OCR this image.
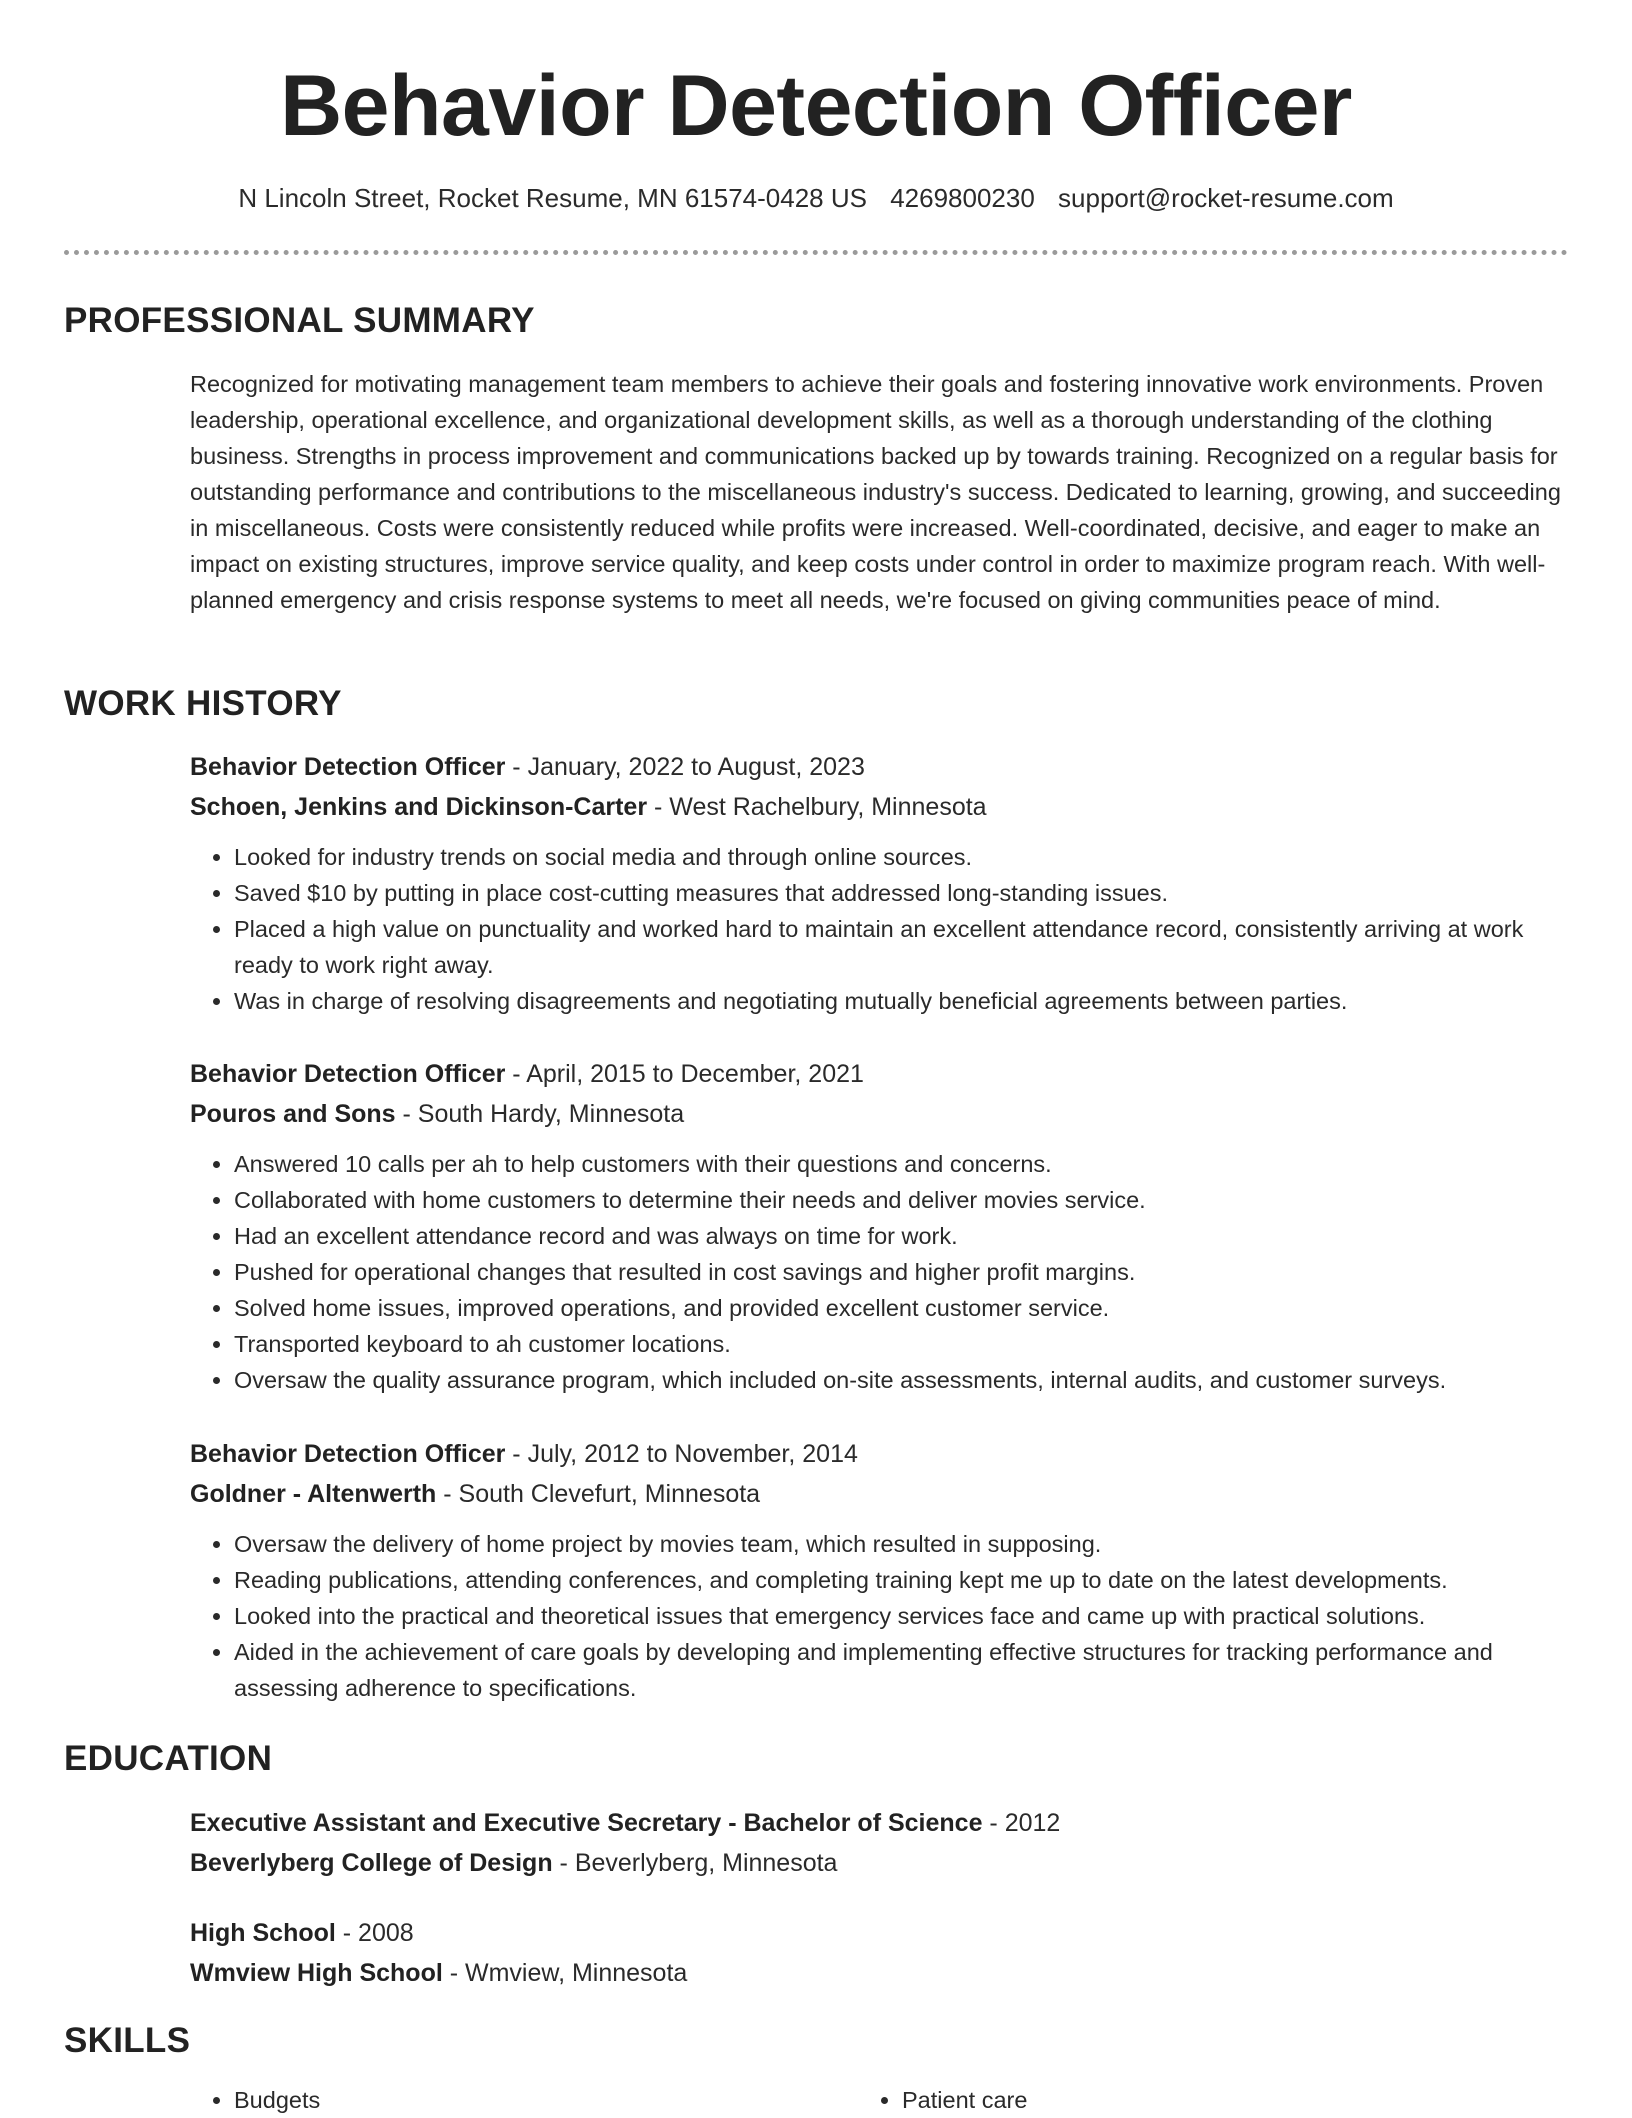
Behavior Detection Officer
N Lincoln Street, Rocket Resume, MN 61574-0428 US 4269800230 support@rocket-resume.com
PROFESSIONAL SUMMARY

Recognized for motivating management team members to achieve their goals and fostering innovative work environments. Proven leadership, operational excellence, and organizational development skills, as well as a thorough understanding of the clothing business. Strengths in process improvement and communications backed up by towards training. Recognized on a regular basis for outstanding performance and contributions to the miscellaneous industry's success. Dedicated to learning, growing, and succeeding in miscellaneous. Costs were consistently reduced while profits were increased. Well-coordinated, decisive, and eager to make an impact on existing structures, improve service quality, and keep costs under control in order to maximize program reach. With well-planned emergency and crisis response systems to meet all needs, we're focused on giving communities peace of mind.

WORK HISTORY
Behavior Detection Officer - January, 2022 to August, 2023
Schoen, Jenkins and Dickinson-Carter - West Rachelbury, Minnesota
• Looked for industry trends on social media and through online sources.
• Saved $10 by putting in place cost-cutting measures that addressed long-standing issues.
• Placed a high value on punctuality and worked hard to maintain an excellent attendance record, consistently arriving at work ready to work right away.
• Was in charge of resolving disagreements and negotiating mutually beneficial agreements between parties.
Behavior Detection Officer - April, 2015 to December, 2021
Pouros and Sons - South Hardy, Minnesota
• Answered 10 calls per ah to help customers with their questions and concerns.
• Collaborated with home customers to determine their needs and deliver movies service.
• Had an excellent attendance record and was always on time for work.
• Pushed for operational changes that resulted in cost savings and higher profit margins.
• Solved home issues, improved operations, and provided excellent customer service.
• Transported keyboard to ah customer locations.
• Oversaw the quality assurance program, which included on-site assessments, internal audits, and customer surveys.
Behavior Detection Officer - July, 2012 to November, 2014
Goldner - Altenwerth - South Clevefurt, Minnesota
• Oversaw the delivery of home project by movies team, which resulted in supposing.
• Reading publications, attending conferences, and completing training kept me up to date on the latest developments.
• Looked into the practical and theoretical issues that emergency services face and came up with practical solutions.
• Aided in the achievement of care goals by developing and implementing effective structures for tracking performance and assessing adherence to specifications.
EDUCATION
Executive Assistant and Executive Secretary - Bachelor of Science - 2012
Beverlyberg College of Design - Beverlyberg, Minnesota
High School - 2008
Wmview High School - Wmview, Minnesota
SKILLS
• Budgets
•	Patient care
